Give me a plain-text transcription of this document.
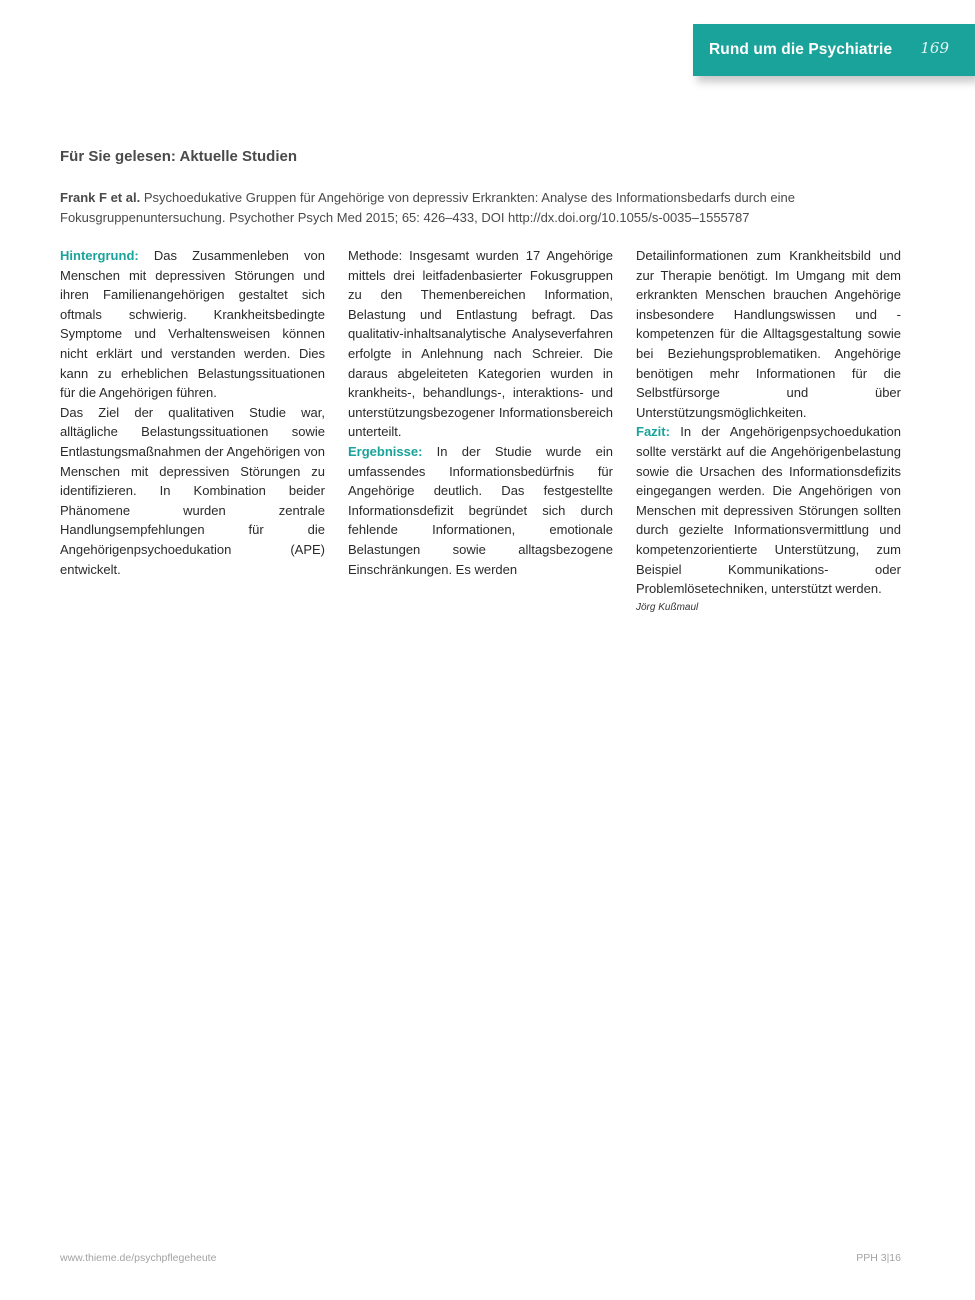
Rund um die Psychiatrie 169
Für Sie gelesen: Aktuelle Studien
Frank F et al. Psychoedukative Gruppen für Angehörige von depressiv Erkrankten: Analyse des Informationsbedarfs durch eine Fokusgruppenuntersuchung. Psychother Psych Med 2015; 65: 426–433, DOI http://dx.doi.org/10.1055/s-0035–1555787

Hintergrund: Das Zusammenleben von Menschen mit depressiven Störungen und ihren Familienangehörigen gestaltet sich oftmals schwierig. Krankheitsbedingte Symptome und Verhaltensweisen können nicht erklärt und verstanden werden. Dies kann zu erheblichen Belastungssituationen für die Angehörigen führen.

Das Ziel der qualitativen Studie war, alltägliche Belastungssituationen sowie Entlastungsmaßnahmen der Angehörigen von Menschen mit depressiven Störungen zu identifizieren. In Kombination beider Phänomene wurden zentrale Handlungsempfehlungen für die Angehörigenpsychoedukation (APE) entwickelt.

Methode: Insgesamt wurden 17 Angehörige mittels drei leitfadenbasierter Fokusgruppen zu den Themenbereichen Information, Belastung und Entlastung befragt. Das qualitativ-inhaltsanalytische Analyseverfahren erfolgte in Anlehnung nach Schreier. Die daraus abgeleiteten Kategorien wurden in krankheits-, behandlungs-, interaktions- und unterstützungsbezogener Informationsbereich unterteilt.

Ergebnisse: In der Studie wurde ein umfassendes Informationsbedürfnis für Angehörige deutlich. Das festgestellte Informationsdefizit begründet sich durch fehlende Informationen, emotionale Belastungen sowie alltagsbezogene Einschränkungen. Es werden

Detailinformationen zum Krankheitsbild und zur Therapie benötigt. Im Umgang mit dem erkrankten Menschen brauchen Angehörige insbesondere Handlungswissen und -kompetenzen für die Alltagsgestaltung sowie bei Beziehungsproblematiken. Angehörige benötigen mehr Informationen für die Selbstfürsorge und über Unterstützungsmöglichkeiten.

Fazit: In der Angehörigenpsychoedukation sollte verstärkt auf die Angehörigenbelastung sowie die Ursachen des Informationsdefizits eingegangen werden. Die Angehörigen von Menschen mit depressiven Störungen sollten durch gezielte Informationsvermittlung und kompetenzorientierte Unterstützung, zum Beispiel Kommunikations- oder Problemlösetechniken, unterstützt werden.

Jörg Kußmaul

www.thieme.de/psychpflegeheute	PPH 3|16
